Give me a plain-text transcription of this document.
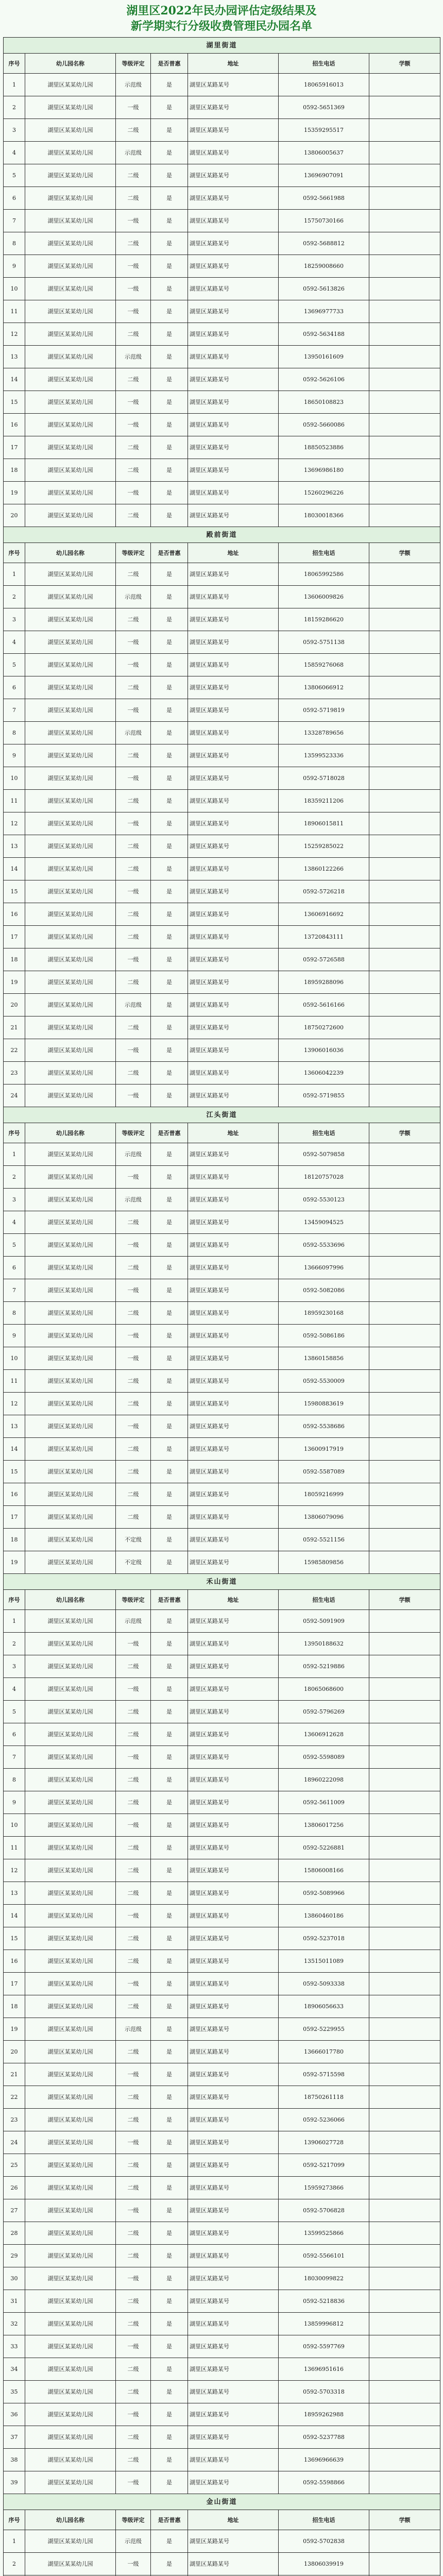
湖里区2022年民办园评估定级结果及
新学期实行分级收费管理民办园名单
湖里街道						
序号	幼儿园名称	等级评定	是否普惠	地址	招生电话	学额
1	湖里区某某幼儿园	示范级	是	湖里区某路某号	18065916013	
2	湖里区某某幼儿园	一级	是	湖里区某路某号	0592-5651369	
3	湖里区某某幼儿园	二级	是	湖里区某路某号	15359295517	
4	湖里区某某幼儿园	示范级	是	湖里区某路某号	13806005637	
5	湖里区某某幼儿园	二级	是	湖里区某路某号	13696907091	
6	湖里区某某幼儿园	二级	是	湖里区某路某号	0592-5661988	
7	湖里区某某幼儿园	一级	是	湖里区某路某号	15750730166	
8	湖里区某某幼儿园	二级	是	湖里区某路某号	0592-5688812	
9	湖里区某某幼儿园	一级	是	湖里区某路某号	18259008660	
10	湖里区某某幼儿园	一级	是	湖里区某路某号	0592-5613826	
11	湖里区某某幼儿园	一级	是	湖里区某路某号	13696977733	
12	湖里区某某幼儿园	二级	是	湖里区某路某号	0592-5634188	
13	湖里区某某幼儿园	示范级	是	湖里区某路某号	13950161609	
14	湖里区某某幼儿园	二级	是	湖里区某路某号	0592-5626106	
15	湖里区某某幼儿园	一级	是	湖里区某路某号	18650108823	
16	湖里区某某幼儿园	一级	是	湖里区某路某号	0592-5660086	
17	湖里区某某幼儿园	二级	是	湖里区某路某号	18850523886	
18	湖里区某某幼儿园	二级	是	湖里区某路某号	13696986180	
19	湖里区某某幼儿园	一级	是	湖里区某路某号	15260296226	
20	湖里区某某幼儿园	二级	是	湖里区某路某号	18030018366	
殿前街道						
序号	幼儿园名称	等级评定	是否普惠	地址	招生电话	学额
1	湖里区某某幼儿园	二级	是	湖里区某路某号	18065992586	
2	湖里区某某幼儿园	示范级	是	湖里区某路某号	13606009826	
3	湖里区某某幼儿园	二级	是	湖里区某路某号	18159286620	
4	湖里区某某幼儿园	一级	是	湖里区某路某号	0592-5751138	
5	湖里区某某幼儿园	一级	是	湖里区某路某号	15859276068	
6	湖里区某某幼儿园	二级	是	湖里区某路某号	13806066912	
7	湖里区某某幼儿园	一级	是	湖里区某路某号	0592-5719819	
8	湖里区某某幼儿园	示范级	是	湖里区某路某号	13328789656	
9	湖里区某某幼儿园	二级	是	湖里区某路某号	13599523336	
10	湖里区某某幼儿园	一级	是	湖里区某路某号	0592-5718028	
11	湖里区某某幼儿园	二级	是	湖里区某路某号	18359211206	
12	湖里区某某幼儿园	一级	是	湖里区某路某号	18906015811	
13	湖里区某某幼儿园	二级	是	湖里区某路某号	15259285022	
14	湖里区某某幼儿园	二级	是	湖里区某路某号	13860122266	
15	湖里区某某幼儿园	一级	是	湖里区某路某号	0592-5726218	
16	湖里区某某幼儿园	二级	是	湖里区某路某号	13606916692	
17	湖里区某某幼儿园	二级	是	湖里区某路某号	13720843111	
18	湖里区某某幼儿园	一级	是	湖里区某路某号	0592-5726588	
19	湖里区某某幼儿园	二级	是	湖里区某路某号	18959288096	
20	湖里区某某幼儿园	示范级	是	湖里区某路某号	0592-5616166	
21	湖里区某某幼儿园	二级	是	湖里区某路某号	18750272600	
22	湖里区某某幼儿园	一级	是	湖里区某路某号	13906016036	
23	湖里区某某幼儿园	二级	是	湖里区某路某号	13606042239	
24	湖里区某某幼儿园	一级	是	湖里区某路某号	0592-5719855	
江头街道						
序号	幼儿园名称	等级评定	是否普惠	地址	招生电话	学额
1	湖里区某某幼儿园	示范级	是	湖里区某路某号	0592-5079858	
2	湖里区某某幼儿园	一级	是	湖里区某路某号	18120757028	
3	湖里区某某幼儿园	示范级	是	湖里区某路某号	0592-5530123	
4	湖里区某某幼儿园	二级	是	湖里区某路某号	13459094525	
5	湖里区某某幼儿园	一级	是	湖里区某路某号	0592-5533696	
6	湖里区某某幼儿园	二级	是	湖里区某路某号	13666097996	
7	湖里区某某幼儿园	一级	是	湖里区某路某号	0592-5082086	
8	湖里区某某幼儿园	二级	是	湖里区某路某号	18959230168	
9	湖里区某某幼儿园	一级	是	湖里区某路某号	0592-5086186	
10	湖里区某某幼儿园	一级	是	湖里区某路某号	13860158856	
11	湖里区某某幼儿园	二级	是	湖里区某路某号	0592-5530009	
12	湖里区某某幼儿园	二级	是	湖里区某路某号	15980883619	
13	湖里区某某幼儿园	一级	是	湖里区某路某号	0592-5538686	
14	湖里区某某幼儿园	二级	是	湖里区某路某号	13600917919	
15	湖里区某某幼儿园	二级	是	湖里区某路某号	0592-5587089	
16	湖里区某某幼儿园	二级	是	湖里区某路某号	18059216999	
17	湖里区某某幼儿园	二级	是	湖里区某路某号	13806079096	
18	湖里区某某幼儿园	不定级	是	湖里区某路某号	0592-5521156	
19	湖里区某某幼儿园	不定级	是	湖里区某路某号	15985809856	
禾山街道						
序号	幼儿园名称	等级评定	是否普惠	地址	招生电话	学额
1	湖里区某某幼儿园	示范级	是	湖里区某路某号	0592-5091909	
2	湖里区某某幼儿园	一级	是	湖里区某路某号	13950188632	
3	湖里区某某幼儿园	二级	是	湖里区某路某号	0592-5219886	
4	湖里区某某幼儿园	一级	是	湖里区某路某号	18065068600	
5	湖里区某某幼儿园	二级	是	湖里区某路某号	0592-5796269	
6	湖里区某某幼儿园	二级	是	湖里区某路某号	13606912628	
7	湖里区某某幼儿园	一级	是	湖里区某路某号	0592-5598089	
8	湖里区某某幼儿园	二级	是	湖里区某路某号	18960222098	
9	湖里区某某幼儿园	二级	是	湖里区某路某号	0592-5611009	
10	湖里区某某幼儿园	一级	是	湖里区某路某号	13806017256	
11	湖里区某某幼儿园	二级	是	湖里区某路某号	0592-5226881	
12	湖里区某某幼儿园	二级	是	湖里区某路某号	15806008166	
13	湖里区某某幼儿园	二级	是	湖里区某路某号	0592-5089966	
14	湖里区某某幼儿园	一级	是	湖里区某路某号	13860460186	
15	湖里区某某幼儿园	二级	是	湖里区某路某号	0592-5237018	
16	湖里区某某幼儿园	二级	是	湖里区某路某号	13515011089	
17	湖里区某某幼儿园	一级	是	湖里区某路某号	0592-5093338	
18	湖里区某某幼儿园	二级	是	湖里区某路某号	18906056633	
19	湖里区某某幼儿园	示范级	是	湖里区某路某号	0592-5229955	
20	湖里区某某幼儿园	二级	是	湖里区某路某号	13666017780	
21	湖里区某某幼儿园	一级	是	湖里区某路某号	0592-5715598	
22	湖里区某某幼儿园	二级	是	湖里区某路某号	18750261118	
23	湖里区某某幼儿园	二级	是	湖里区某路某号	0592-5236066	
24	湖里区某某幼儿园	一级	是	湖里区某路某号	13906027728	
25	湖里区某某幼儿园	二级	是	湖里区某路某号	0592-5217099	
26	湖里区某某幼儿园	二级	是	湖里区某路某号	15959273866	
27	湖里区某某幼儿园	一级	是	湖里区某路某号	0592-5706828	
28	湖里区某某幼儿园	二级	是	湖里区某路某号	13599525866	
29	湖里区某某幼儿园	二级	是	湖里区某路某号	0592-5566101	
30	湖里区某某幼儿园	一级	是	湖里区某路某号	18030099822	
31	湖里区某某幼儿园	二级	是	湖里区某路某号	0592-5218836	
32	湖里区某某幼儿园	二级	是	湖里区某路某号	13859996812	
33	湖里区某某幼儿园	一级	是	湖里区某路某号	0592-5597769	
34	湖里区某某幼儿园	二级	是	湖里区某路某号	13696951616	
35	湖里区某某幼儿园	二级	是	湖里区某路某号	0592-5703318	
36	湖里区某某幼儿园	一级	是	湖里区某路某号	18959262988	
37	湖里区某某幼儿园	二级	是	湖里区某路某号	0592-5237788	
38	湖里区某某幼儿园	二级	是	湖里区某路某号	13696966639	
39	湖里区某某幼儿园	一级	是	湖里区某路某号	0592-5598866	
金山街道						
序号	幼儿园名称	等级评定	是否普惠	地址	招生电话	学额
1	湖里区某某幼儿园	示范级	是	湖里区某路某号	0592-5702838	
2	湖里区某某幼儿园	一级	是	湖里区某路某号	13806039919	
